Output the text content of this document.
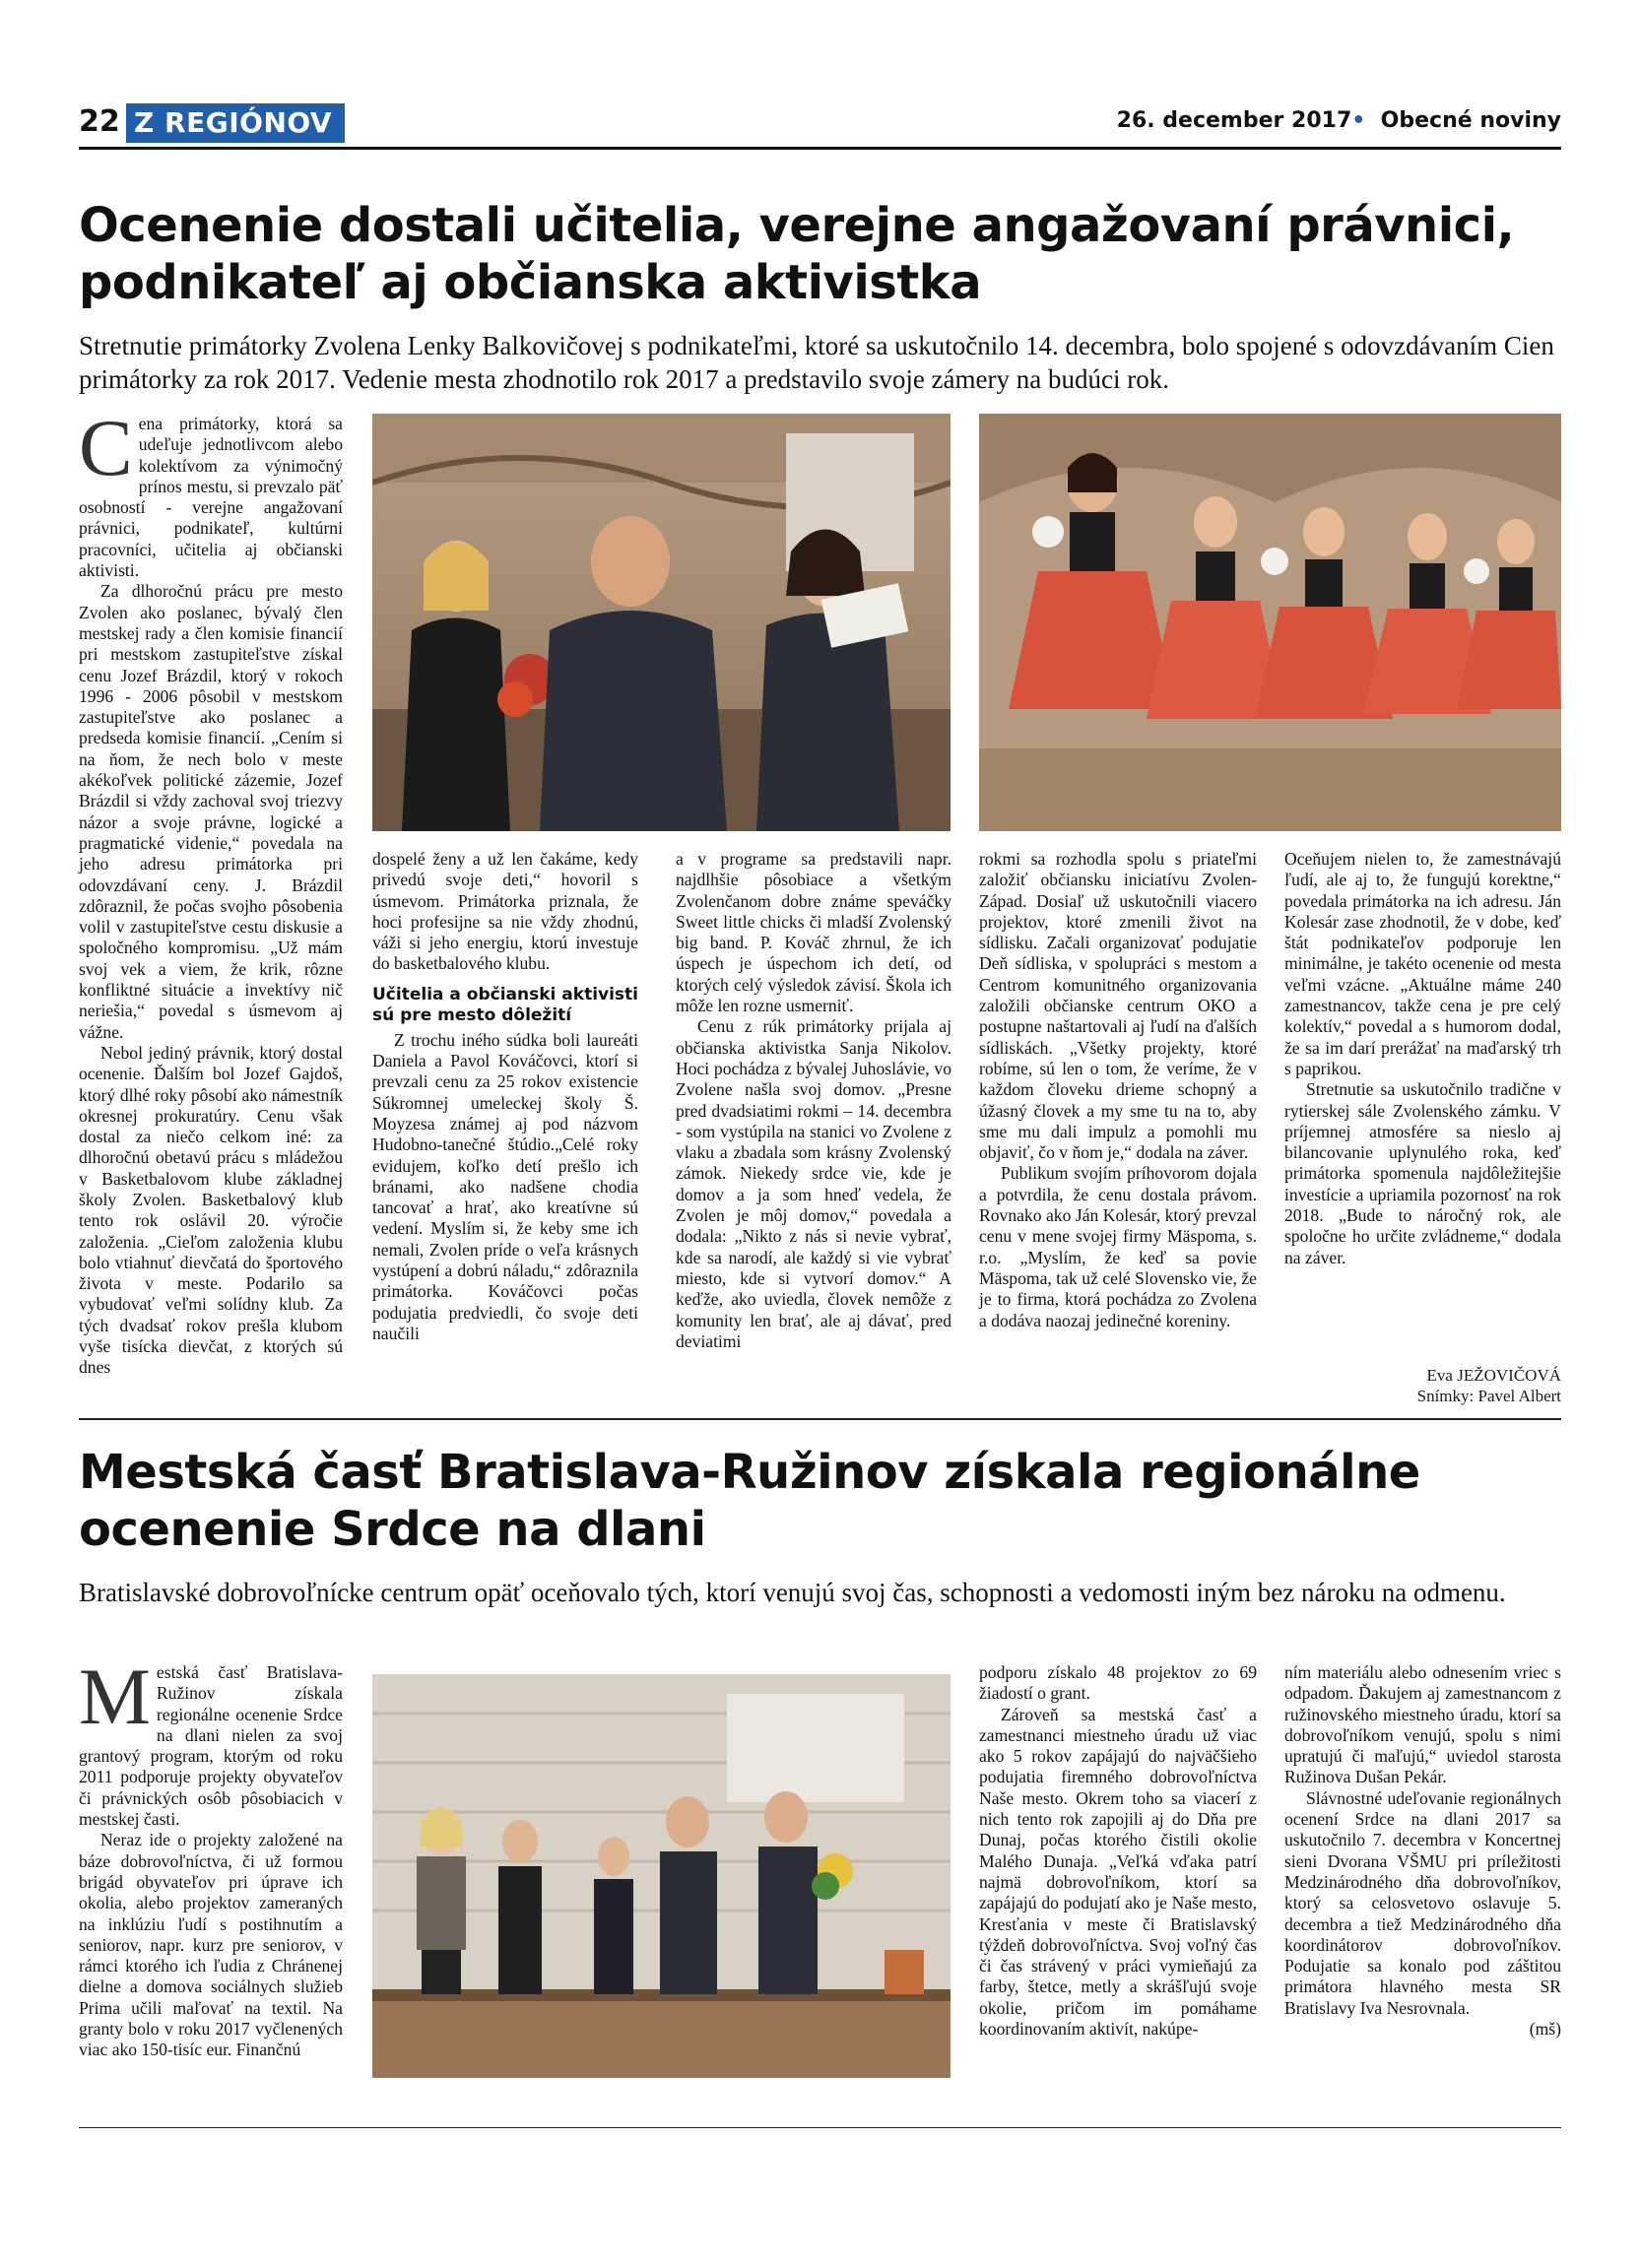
22 Z REGIÓNOV	26. december 2017• Obecné noviny
Ocenenie dostali učitelia, verejne angažovaní právnici, podnikateľ aj občianska aktivistka
Stretnutie primátorky Zvolena Lenky Balkovičovej s podnikateľmi, ktoré sa uskutočnilo 14. decembra, bolo spojené s odovzdávaním Cien primátorky za rok 2017. Vedenie mesta zhodnotilo rok 2017 a predstavilo svoje zámery na budúci rok.

Cena primátorky, ktorá sa udeľuje jednotlivcom alebo kolektívom za výnimočný prínos mestu, si prevzalo päť osobností - verejne angažovaní právnici, podnikateľ, kultúrni pracovníci, učitelia aj občianski aktivisti.

Za dlhoročnú prácu pre mesto Zvolen ako poslanec, bývalý člen mestskej rady a člen komisie financií pri mestskom zastupiteľstve získal cenu Jozef Brázdil, ktorý v rokoch 1996 - 2006 pôsobil v mestskom zastupiteľstve ako poslanec a predseda komisie financií. „Cením si na ňom, že nech bolo v meste akékoľvek politické zázemie, Jozef Brázdil si vždy zachoval svoj triezvy názor a svoje právne, logické a pragmatické videnie,“ povedala na jeho adresu primátorka pri odovzdávaní ceny. J. Brázdil zdôraznil, že počas svojho pôsobenia volil v zastupiteľstve cestu diskusie a spoločného kompromisu. „Už mám svoj vek a viem, že krik, rôzne konfliktné situácie a invektívy nič neriešia,“ povedal s úsmevom aj vážne.

Nebol jediný právnik, ktorý dostal ocenenie. Ďalším bol Jozef Gajdoš, ktorý dlhé roky pôsobí ako námestník okresnej prokuratúry. Cenu však dostal za niečo celkom iné: za dlhoročnú obetavú prácu s mládežou v Basketbalovom klube základnej školy Zvolen. Basketbalový klub tento rok oslávil 20. výročie založenia. „Cieľom založenia klubu bolo vtiahnuť dievčatá do športového života v meste. Podarilo sa vybudovať veľmi solídny klub. Za tých dvadsať rokov prešla klubom vyše tisícka dievčat, z ktorých sú dnes

dospelé ženy a už len čakáme, kedy privedú svoje deti,“ hovoril s úsmevom. Primátorka priznala, že hoci profesijne sa nie vždy zhodnú, váži si jeho energiu, ktorú investuje do basketbalového klubu.

Učitelia a občianski aktivisti sú pre mesto dôležití

Z trochu iného súdka boli laureáti Daniela a Pavol Kováčovci, ktorí si prevzali cenu za 25 rokov existencie Súkromnej umeleckej školy Š. Moyzesa známej aj pod názvom Hudobno-tanečné štúdio.„Celé roky evidujem, koľko detí prešlo ich bránami, ako nadšene chodia tancovať a hrať, ako kreatívne sú vedení. Myslím si, že keby sme ich nemali, Zvolen príde o veľa krásnych vystúpení a dobrú náladu,“ zdôraznila primátorka. Kováčovci počas podujatia predviedli, čo svoje deti naučili

a v programe sa predstavili napr. najdlhšie pôsobiace a všetkým Zvolenčanom dobre známe speváčky Sweet little chicks či mladší Zvolenský big band. P. Kováč zhrnul, že ich úspech je úspechom ich detí, od ktorých celý výsledok závisí. Škola ich môže len rozne usmerniť.

Cenu z rúk primátorky prijala aj občianska aktivistka Sanja Nikolov. Hoci pochádza z bývalej Juhoslávie, vo Zvolene našla svoj domov. „Presne pred dvadsiatimi rokmi – 14. decembra - som vystúpila na stanici vo Zvolene z vlaku a zbadala som krásny Zvolenský zámok. Niekedy srdce vie, kde je domov a ja som hneď vedela, že Zvolen je môj domov,“ povedala a dodala: „Nikto z nás si nevie vybrať, kde sa narodí, ale každý si vie vybrať miesto, kde si vytvorí domov.“ A keďže, ako uviedla, človek nemôže z komunity len brať, ale aj dávať, pred deviatimi

rokmi sa rozhodla spolu s priateľmi založiť občiansku iniciatívu Zvolen-Západ. Dosiaľ už uskutočnili viacero projektov, ktoré zmenili život na sídlisku. Začali organizovať podujatie Deň sídliska, v spolupráci s mestom a Centrom komunitného organizovania založili občianske centrum OKO a postupne naštartovali aj ľudí na ďalších sídliskách. „Všetky projekty, ktoré robíme, sú len o tom, že veríme, že v každom človeku drieme schopný a úžasný človek a my sme tu na to, aby sme mu dali impulz a pomohli mu objaviť, čo v ňom je,“ dodala na záver.

Publikum svojím príhovorom dojala a potvrdila, že cenu dostala právom. Rovnako ako Ján Kolesár, ktorý prevzal cenu v mene svojej firmy Mäspoma, s. r.o. „Myslím, že keď sa povie Mäspoma, tak už celé Slovensko vie, že je to firma, ktorá pochádza zo Zvolena a dodáva naozaj jedinečné koreniny.

Oceňujem nielen to, že zamestnávajú ľudí, ale aj to, že fungujú korektne,“ povedala primátorka na ich adresu. Ján Kolesár zase zhodnotil, že v dobe, keď štát podnikateľov podporuje len minimálne, je takéto ocenenie od mesta veľmi vzácne. „Aktuálne máme 240 zamestnancov, takže cena je pre celý kolektív,“ povedal a s humorom dodal, že sa im darí prerážať na maďarský trh s paprikou.

Stretnutie sa uskutočnilo tradične v rytierskej sále Zvolenského zámku. V príjemnej atmosfére sa nieslo aj bilancovanie uplynulého roka, keď primátorka spomenula najdôležitejšie investície a upriamila pozornosť na rok 2018. „Bude to náročný rok, ale spoločne ho určite zvládneme,“ dodala na záver.

Eva JEŽOVIČOVÁ
Snímky: Pavel Albert
Mestská časť Bratislava-Ružinov získala regionálne ocenenie Srdce na dlani
Bratislavské dobrovoľnícke centrum opäť oceňovalo tých, ktorí venujú svoj čas, schopnosti a vedomosti iným bez nároku na odmenu.

Mestská časť Bratislava-Ružinov získala regionálne ocenenie Srdce na dlani nielen za svoj grantový program, ktorým od roku 2011 podporuje projekty obyvateľov či právnických osôb pôsobiacich v mestskej časti.

Neraz ide o projekty založené na báze dobrovoľníctva, či už formou brigád obyvateľov pri úprave ich okolia, alebo projektov zameraných na inklúziu ľudí s postihnutím a seniorov, napr. kurz pre seniorov, v rámci ktorého ich ľudia z Chránenej dielne a domova sociálnych služieb Prima učili maľovať na textil. Na granty bolo v roku 2017 vyčlenených viac ako 150-tisíc eur. Finančnú

podporu získalo 48 projektov zo 69 žiadostí o grant.

Zároveň sa mestská časť a zamestnanci miestneho úradu už viac ako 5 rokov zapájajú do najväčšieho podujatia firemného dobrovoľníctva Naše mesto. Okrem toho sa viacerí z nich tento rok zapojili aj do Dňa pre Dunaj, počas ktorého čistili okolie Malého Dunaja. „Veľká vďaka patrí najmä dobrovoľníkom, ktorí sa zapájajú do podujatí ako je Naše mesto, Kresťania v meste či Bratislavský týždeň dobrovoľníctva. Svoj voľný čas či čas strávený v práci vymieňajú za farby, štetce, metly a skrášľujú svoje okolie, pričom im pomáhame koordinovaním aktivít, nakúpe-

ním materiálu alebo odnesením vriec s odpadom. Ďakujem aj zamestnancom z ružinovského miestneho úradu, ktorí sa dobrovoľníkom venujú, spolu s nimi upratujú či maľujú,“ uviedol starosta Ružinova Dušan Pekár.

Slávnostné udeľovanie regionálnych ocenení Srdce na dlani 2017 sa uskutočnilo 7. decembra v Koncertnej sieni Dvorana VŠMU pri príležitosti Medzinárodného dňa dobrovoľníkov, ktorý sa celosvetovo oslavuje 5. decembra a tiež Medzinárodného dňa koordinátorov dobrovoľníkov. Podujatie sa konalo pod záštitou primátora hlavného mesta SR Bratislavy Iva Nesrovnala.

(mš)
